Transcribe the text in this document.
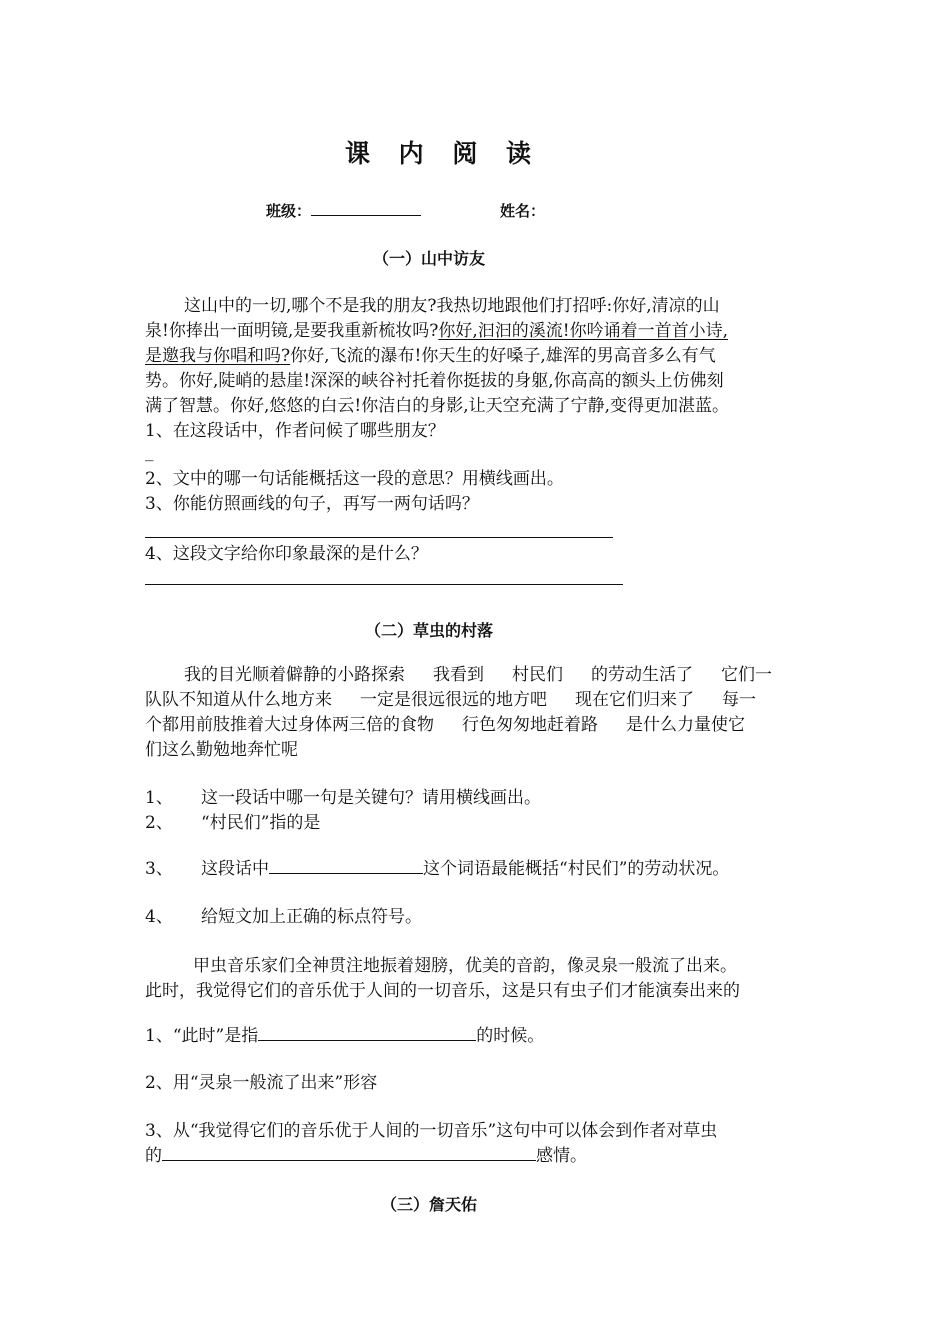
课 内 阅 读
班级：	姓名：
（一）山中访友
这山中的一切,哪个不是我的朋友?我热切地跟他们打招呼:你好,清凉的山
泉!你捧出一面明镜,是要我重新梳妆吗?你好,汩汩的溪流!你吟诵着一首首小诗,
是邀我与你唱和吗?你好,飞流的瀑布!你天生的好嗓子,雄浑的男高音多么有气
势。你好,陡峭的悬崖!深深的峡谷衬托着你挺拔的身躯,你高高的额头上仿佛刻
满了智慧。你好,悠悠的白云!你洁白的身影,让天空充满了宁静,变得更加湛蓝。
1、在这段话中，作者问候了哪些朋友？
_
2、文中的哪一句话能概括这一段的意思？用横线画出。
3、你能仿照画线的句子，再写一两句话吗？
4、这段文字给你印象最深的是什么？
（二）草虫的村落
我的目光顺着僻静的小路探索 我看到 村民们 的劳动生活了 它们一
队队不知道从什么地方来 一定是很远很远的地方吧 现在它们归来了 每一
个都用前肢推着大过身体两三倍的食物 行色匆匆地赶着路 是什么力量使它
们这么勤勉地奔忙呢
1、 这一段话中哪一句是关键句？请用横线画出。
2、 “村民们”指的是
3、 这段话中	这个词语最能概括“村民们”的劳动状况。
4、 给短文加上正确的标点符号。
甲虫音乐家们全神贯注地振着翅膀，优美的音韵，像灵泉一般流了出来。
此时，我觉得它们的音乐优于人间的一切音乐，这是只有虫子们才能演奏出来的
1、“此时”是指	的时候。
2、用“灵泉一般流了出来”形容
3、从“我觉得它们的音乐优于人间的一切音乐”这句中可以体会到作者对草虫
的	感情。
（三）詹天佑
